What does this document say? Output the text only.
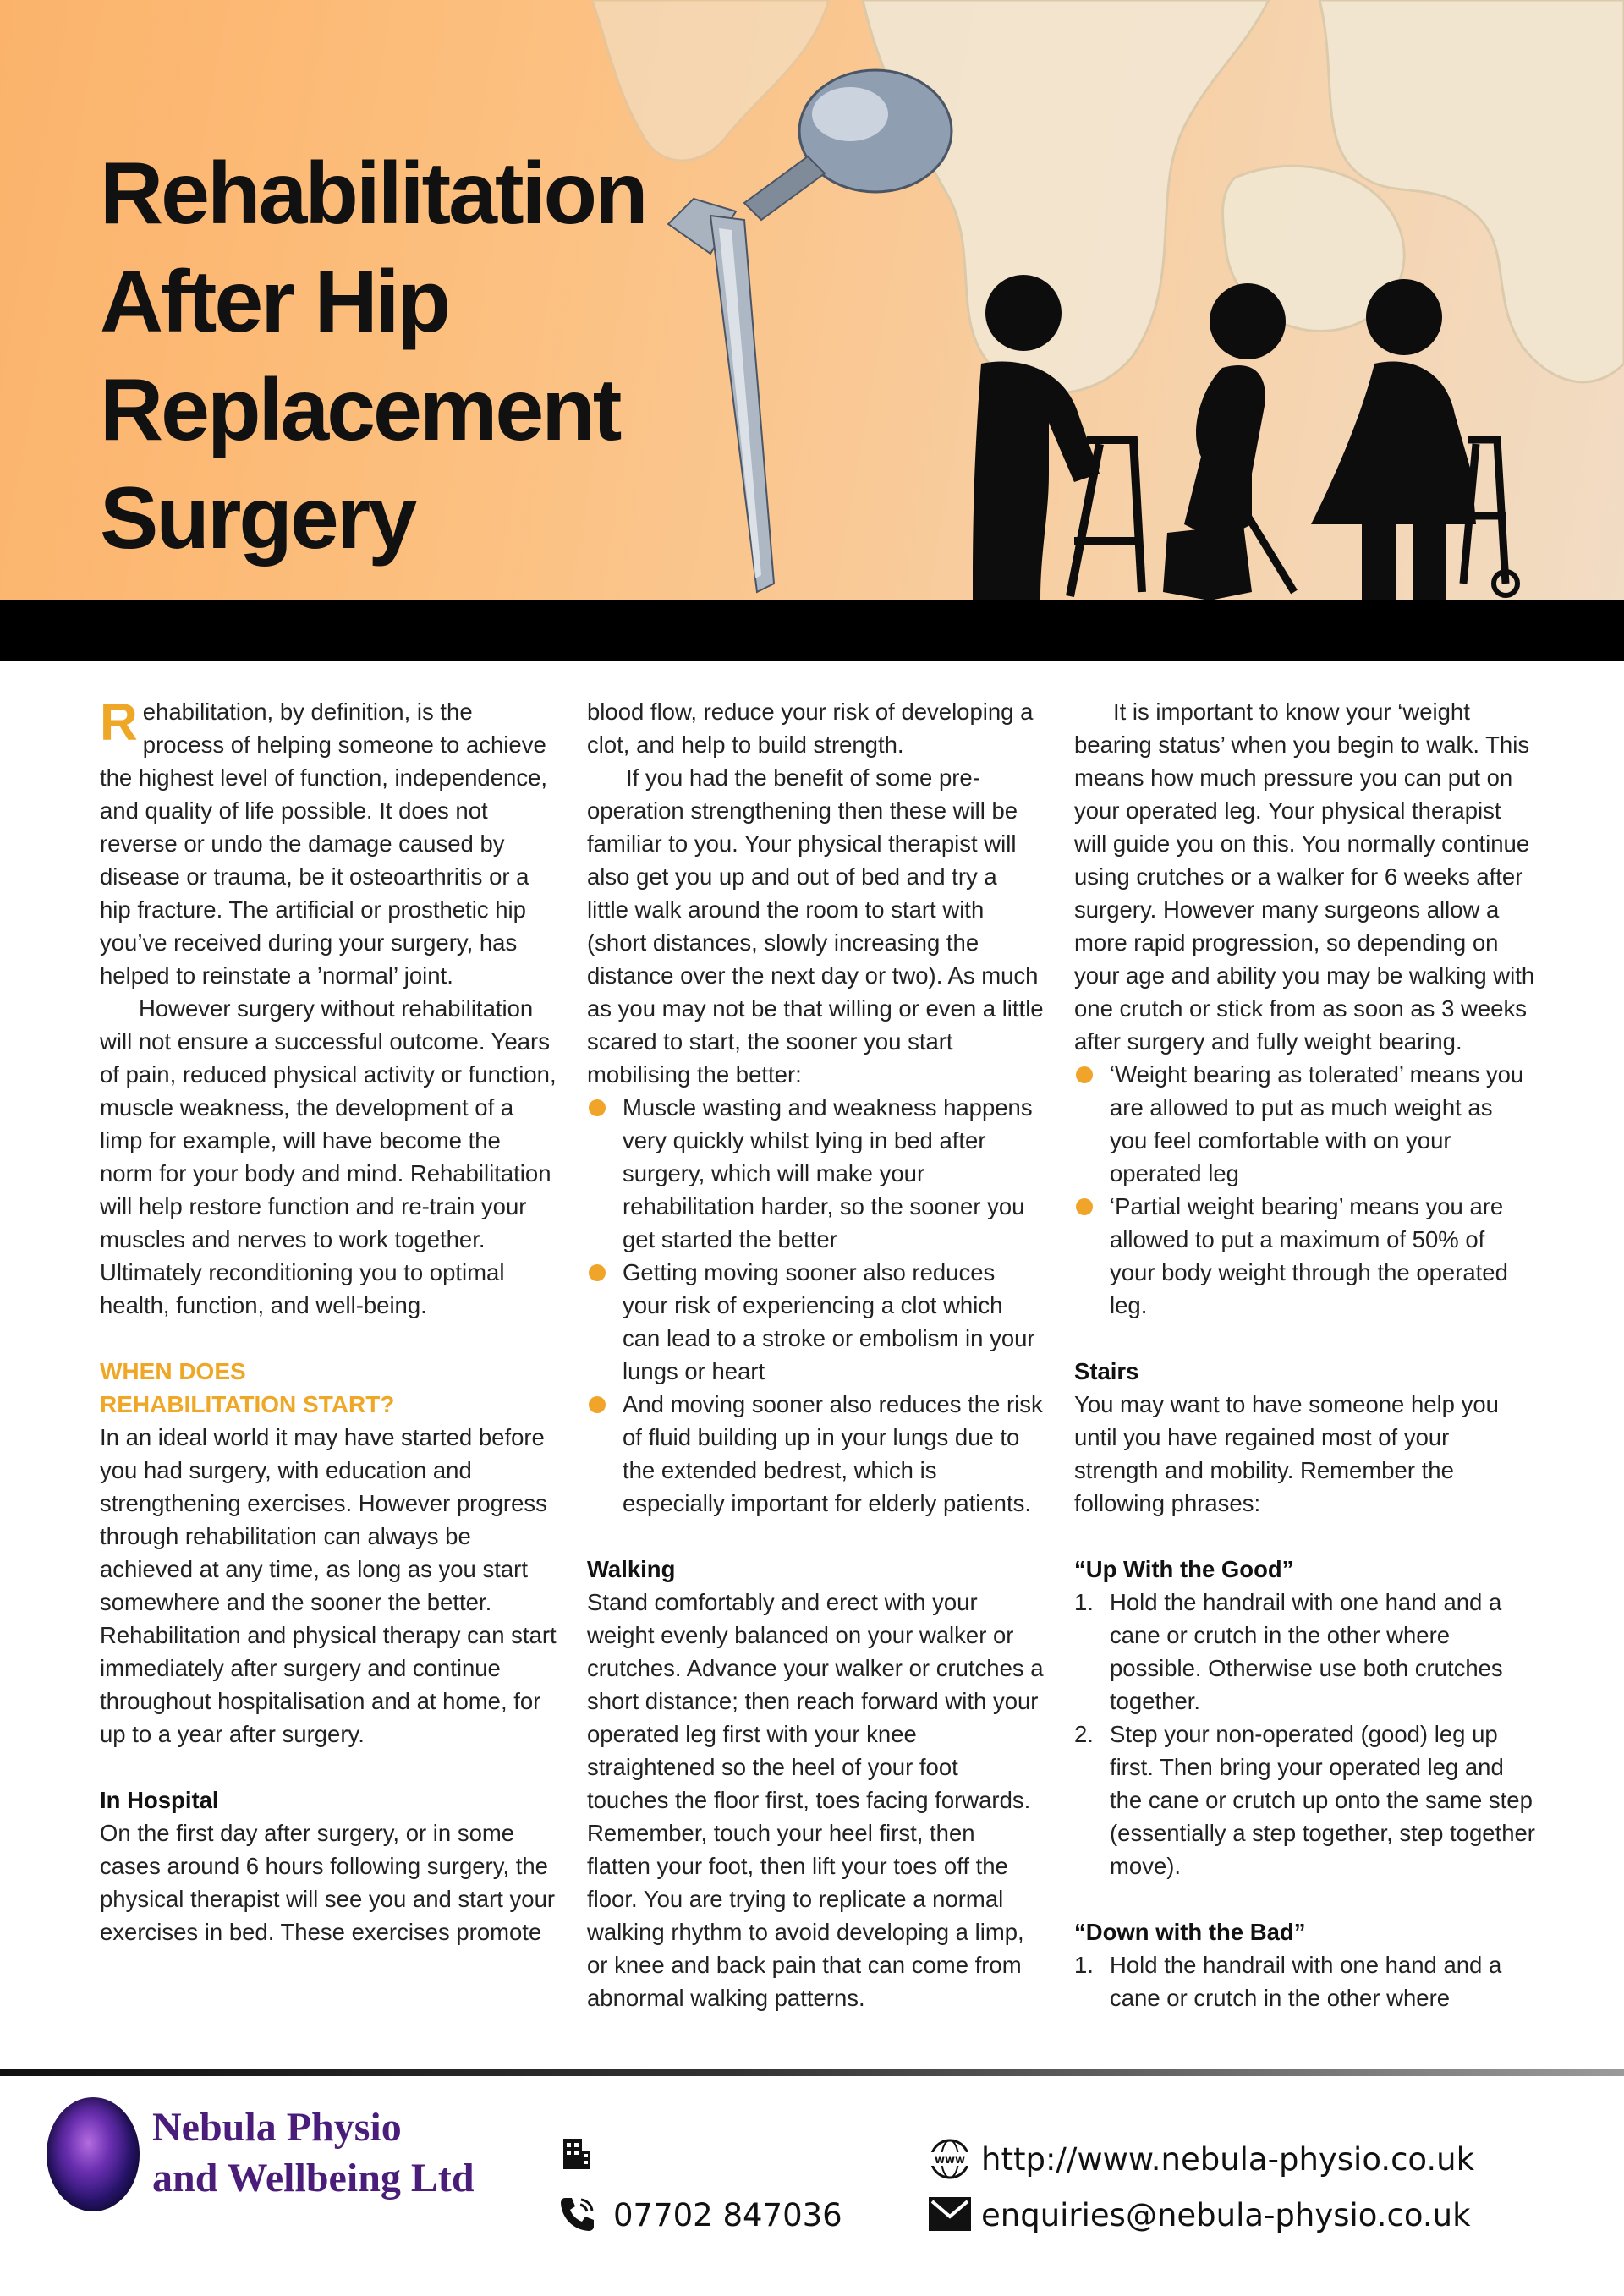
Rehabilitation
After Hip
Replacement
Surgery

Rehabilitation, by definition, is the process of helping someone to achieve the highest level of function, independence, and quality of life possible. It does not reverse or undo the damage caused by disease or trauma, be it osteoarthritis or a hip fracture. The artificial or prosthetic hip you’ve received during your surgery, has helped to reinstate a ’normal’ joint.

However surgery without rehabilitation will not ensure a successful outcome. Years of pain, reduced physical activity or function, muscle weakness, the development of a limp for example, will have become the norm for your body and mind. Rehabilitation will help restore function and re-train your muscles and nerves to work together. Ultimately reconditioning you to optimal health, function, and well-being.

WHEN DOES
REHABILITATION START?

In an ideal world it may have started before you had surgery, with education and strengthening exercises. However progress through rehabilitation can always be achieved at any time, as long as you start somewhere and the sooner the better. Rehabilitation and physical therapy can start immediately after surgery and continue throughout hospitalisation and at home, for up to a year after surgery.

In Hospital

On the first day after surgery, or in some cases around 6 hours following surgery, the physical therapist will see you and start your exercises in bed. These exercises promote

blood flow, reduce your risk of developing a clot, and help to build strength.

If you had the benefit of some pre-operation strengthening then these will be familiar to you. Your physical therapist will also get you up and out of bed and try a little walk around the room to start with (short distances, slowly increasing the distance over the next day or two). As much as you may not be that willing or even a little scared to start, the sooner you start mobilising the better:

Muscle wasting and weakness happens very quickly whilst lying in bed after surgery, which will make your rehabilitation harder, so the sooner you get started the better
Getting moving sooner also reduces your risk of experiencing a clot which can lead to a stroke or embolism in your lungs or heart
And moving sooner also reduces the risk of fluid building up in your lungs due to the extended bedrest, which is especially important for elderly patients.

Walking

Stand comfortably and erect with your weight evenly balanced on your walker or crutches. Advance your walker or crutches a short distance; then reach forward with your operated leg first with your knee straightened so the heel of your foot touches the floor first, toes facing forwards. Remember, touch your heel first, then flatten your foot, then lift your toes off the floor. You are trying to replicate a normal walking rhythm to avoid developing a limp, or knee and back pain that can come from abnormal walking patterns.

It is important to know your ‘weight bearing status’ when you begin to walk. This means how much pressure you can put on your operated leg. Your physical therapist will guide you on this. You normally continue using crutches or a walker for 6 weeks after surgery. However many surgeons allow a more rapid progression, so depending on your age and ability you may be walking with one crutch or stick from as soon as 3 weeks after surgery and fully weight bearing.

‘Weight bearing as tolerated’ means you are allowed to put as much weight as you feel comfortable with on your operated leg
‘Partial weight bearing’ means you are allowed to put a maximum of 50% of your body weight through the operated leg.

Stairs

You may want to have someone help you until you have regained most of your strength and mobility. Remember the following phrases:

“Up With the Good”

1. Hold the handrail with one hand and a cane or crutch in the other where possible. Otherwise use both crutches together.
2. Step your non-operated (good) leg up first. Then bring your operated leg and the cane or crutch up onto the same step (essentially a step together, step together move).

“Down with the Bad”

1. Hold the handrail with one hand and a cane or crutch in the other where

Nebula Physio
and Wellbeing Ltd

07702 847036
www http://www.nebula-physio.co.uk
enquiries@nebula-physio.co.uk
